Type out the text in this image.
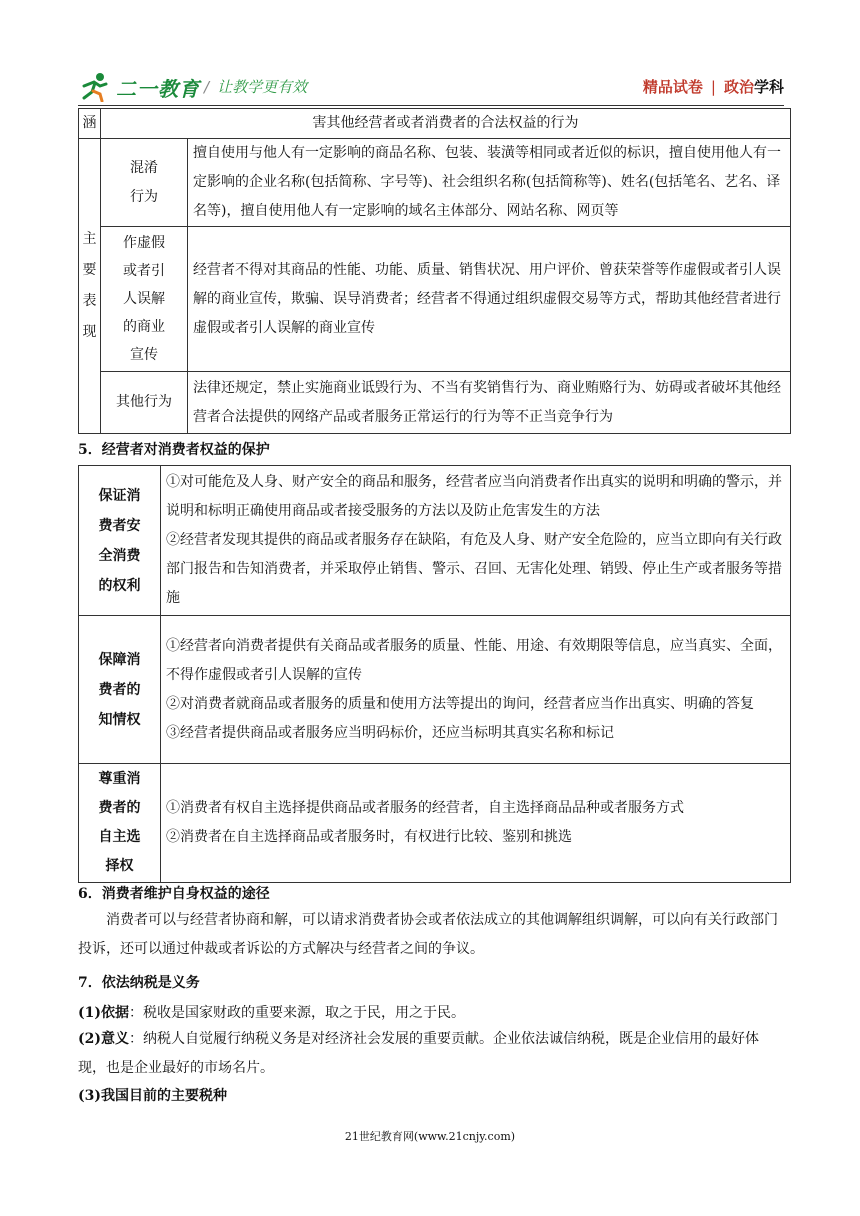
二一教育 / 让教学更有效	精品试卷 | 政治学科
涵	害其他经营者或者消费者的合法权益的行为	

主要表现	混淆行为	擅自使用与他人有一定影响的商品名称、包装、装潢等相同或者近似的标识，擅自使用他人有一定影响的企业名称(包括简称、字号等)、社会组织名称(包括简称等)、姓名(包括笔名、艺名、译名等)，擅自使用他人有一定影响的域名主体部分、网站名称、网页等

	作虚假或者引人误解的商业宣传	经营者不得对其商品的性能、功能、质量、销售状况、用户评价、曾获荣誉等作虚假或者引人误解的商业宣传，欺骗、误导消费者；经营者不得通过组织虚假交易等方式，帮助其他经营者进行虚假或者引人误解的商业宣传
	其他行为	法律还规定，禁止实施商业诋毁行为、不当有奖销售行为、商业贿赂行为、妨碍或者破坏其他经营者合法提供的网络产品或者服务正常运行的行为等不正当竞争行为
5．经营者对消费者权益的保护
保证消费者安全消费的权利	①对可能危及人身、财产安全的商品和服务，经营者应当向消费者作出真实的说明和明确的警示，并说明和标明正确使用商品或者接受服务的方法以及防止危害发生的方法
②经营者发现其提供的商品或者服务存在缺陷，有危及人身、财产安全危险的，应当立即向有关行政部门报告和告知消费者，并采取停止销售、警示、召回、无害化处理、销毁、停止生产或者服务等措施

保障消费者的知情权	①经营者向消费者提供有关商品或者服务的质量、性能、用途、有效期限等信息，应当真实、全面，不得作虚假或者引人误解的宣传
②对消费者就商品或者服务的质量和使用方法等提出的询问，经营者应当作出真实、明确的答复
③经营者提供商品或者服务应当明码标价，还应当标明其真实名称和标记

尊重消费者的自主选择权	①消费者有权自主选择提供商品或者服务的经营者，自主选择商品品种或者服务方式
②消费者在自主选择商品或者服务时，有权进行比较、鉴别和挑选
6．消费者维护自身权益的途径
消费者可以与经营者协商和解，可以请求消费者协会或者依法成立的其他调解组织调解，可以向有关行政部门投诉，还可以通过仲裁或者诉讼的方式解决与经营者之间的争议。
7．依法纳税是义务
(1)依据：税收是国家财政的重要来源，取之于民，用之于民。
(2)意义：纳税人自觉履行纳税义务是对经济社会发展的重要贡献。企业依法诚信纳税，既是企业信用的最好体现，也是企业最好的市场名片。
(3)我国目前的主要税种
21世纪教育网(www.21cnjy.com)
